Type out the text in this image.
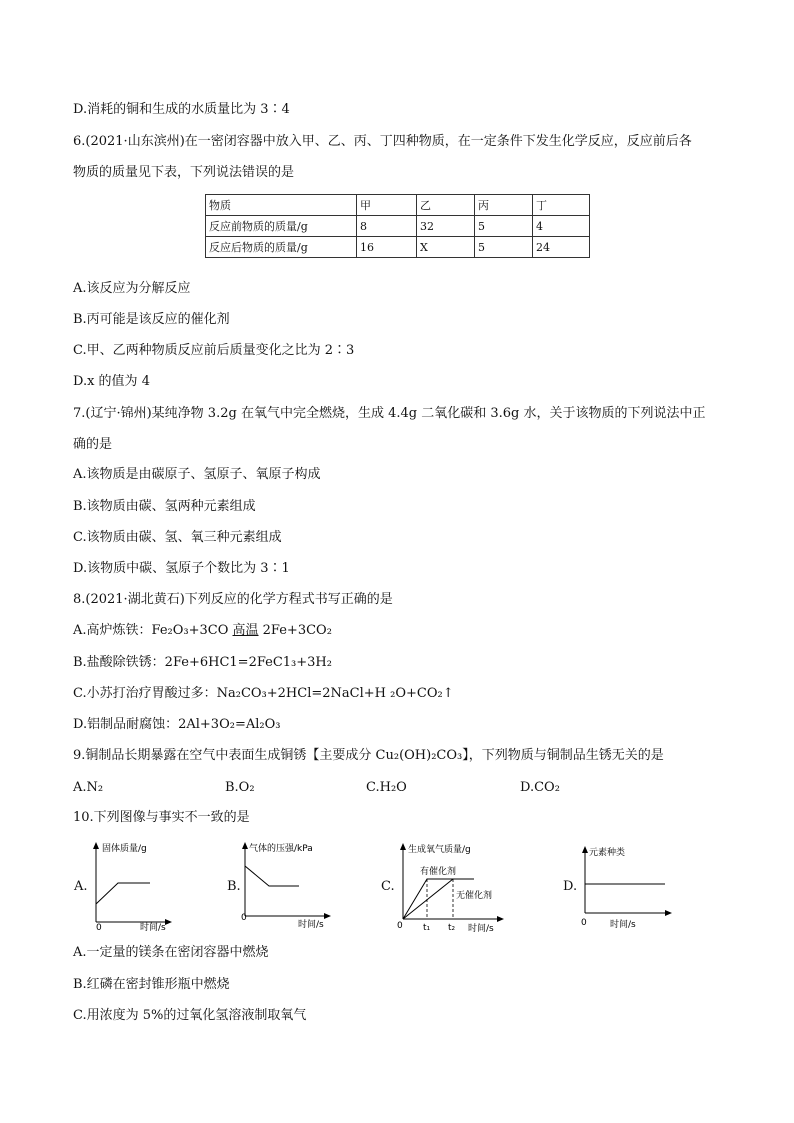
D.消耗的铜和生成的水质量比为 3∶4
6.(2021·山东滨州)在一密闭容器中放入甲、乙、丙、丁四种物质，在一定条件下发生化学反应，反应前后各
物质的质量见下表，下列说法错误的是
物质	甲	乙	丙	丁
反应前物质的质量/g	8	32	5	4
反应后物质的质量/g	16	X	5	24
A.该反应为分解反应
B.丙可能是该反应的催化剂
C.甲、乙两种物质反应前后质量变化之比为 2∶3
D.x 的值为 4
7.(辽宁·锦州)某纯净物 3.2g 在氧气中完全燃烧，生成 4.4g 二氧化碳和 3.6g 水，关于该物质的下列说法中正
确的是
A.该物质是由碳原子、氢原子、氧原子构成
B.该物质由碳、氢两种元素组成
C.该物质由碳、氢、氧三种元素组成
D.该物质中碳、氢原子个数比为 3∶1
8.(2021·湖北黄石)下列反应的化学方程式书写正确的是
A.高炉炼铁：Fe₂O₃+3CO 高温 2Fe+3CO₂
B.盐酸除铁锈：2Fe+6HC1=2FeC1₃+3H₂
C.小苏打治疗胃酸过多：Na₂CO₃+2HCl=2NaCl+H ₂O+CO₂↑
D.铝制品耐腐蚀：2Al+3O₂=Al₂O₃
9.铜制品长期暴露在空气中表面生成铜锈【主要成分 Cu₂(OH)₂CO₃】，下列物质与铜制品生锈无关的是
A.N₂	B.O₂	C.H₂O	D.CO₂
10.下列图像与事实不一致的是
A.
固体质量/g
时间/s
0
B.
气体的压强/kPa
时间/s
0
C.
生成氧气质量/g
有催化剂
无催化剂
t₁ t₂ 时间/s
0
D.
元素种类
时间/s
0
A.一定量的镁条在密闭容器中燃烧
B.红磷在密封锥形瓶中燃烧
C.用浓度为 5%的过氧化氢溶液制取氧气
